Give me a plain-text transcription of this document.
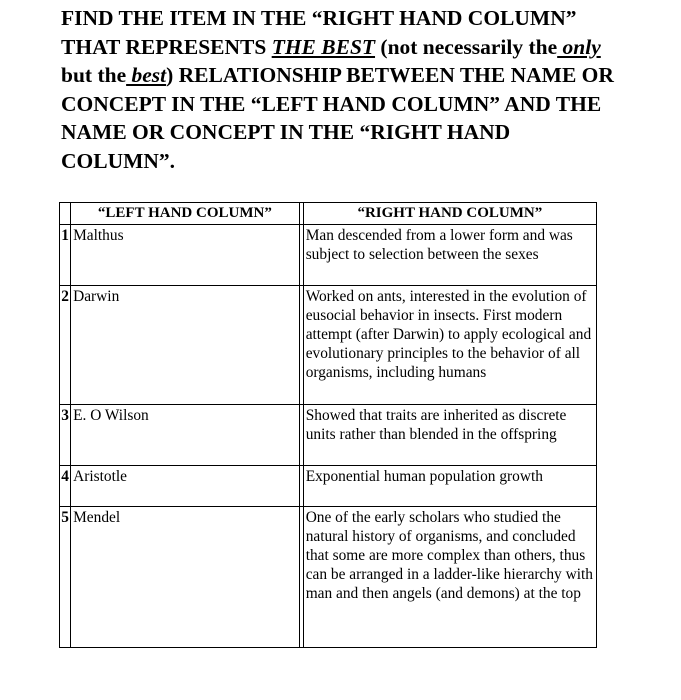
FIND THE ITEM IN THE “RIGHT HAND COLUMN”
THAT REPRESENTS THE BEST (not necessarily the only
but the best) RELATIONSHIP BETWEEN THE NAME OR
CONCEPT IN THE “LEFT HAND COLUMN” AND THE
NAME OR CONCEPT IN THE “RIGHT HAND
COLUMN”.
	“LEFT HAND COLUMN”		“RIGHT HAND COLUMN”
1	Malthus		Man descended from a lower form and was subject to selection between the sexes
2	Darwin		Worked on ants, interested in the evolution of eusocial behavior in insects. First modern attempt (after Darwin) to apply ecological and evolutionary principles to the behavior of all organisms, including humans
3	E. O Wilson		Showed that traits are inherited as discrete units rather than blended in the offspring
4	Aristotle		Exponential human population growth
5	Mendel		One of the early scholars who studied the natural history of organisms, and concluded that some are more complex than others, thus can be arranged in a ladder-like hierarchy with man and then angels (and demons) at the top
